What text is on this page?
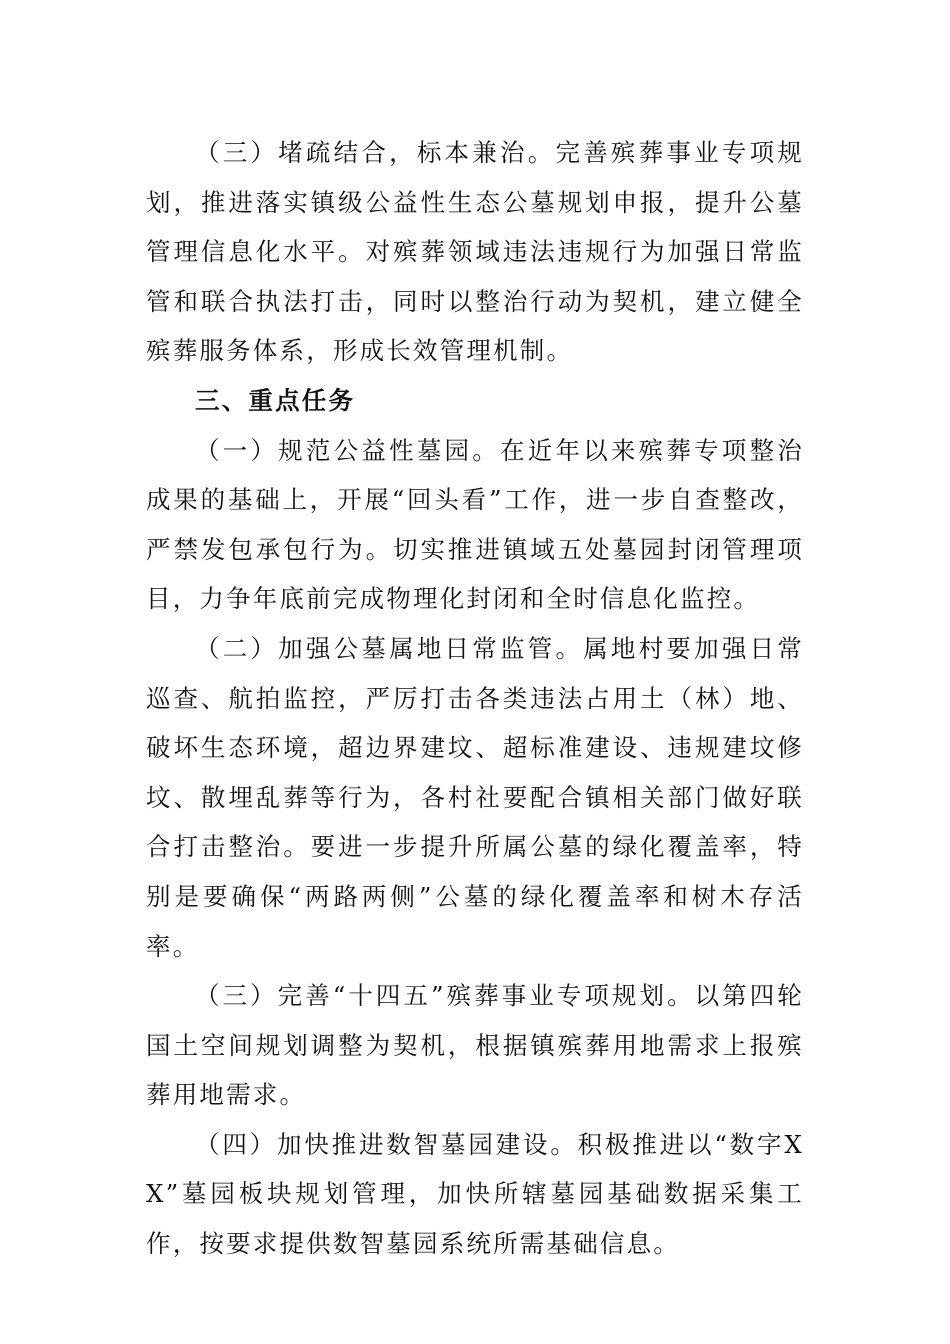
（三）堵疏结合，标本兼治。完善殡葬事业专项规划，推进落实镇级公益性生态公墓规划申报，提升公墓管理信息化水平。对殡葬领域违法违规行为加强日常监管和联合执法打击，同时以整治行动为契机，建立健全殡葬服务体系，形成长效管理机制。

三、重点任务

（一）规范公益性墓园。在近年以来殡葬专项整治成果的基础上，开展“回头看”工作，进一步自查整改，严禁发包承包行为。切实推进镇域五处墓园封闭管理项目，力争年底前完成物理化封闭和全时信息化监控。

（二）加强公墓属地日常监管。属地村要加强日常巡查、航拍监控，严厉打击各类违法占用土（林）地、破坏生态环境，超边界建坟、超标准建设、违规建坟修坟、散埋乱葬等行为，各村社要配合镇相关部门做好联合打击整治。要进一步提升所属公墓的绿化覆盖率，特别是要确保“两路两侧”公墓的绿化覆盖率和树木存活率。

（三）完善“十四五”殡葬事业专项规划。以第四轮国土空间规划调整为契机，根据镇殡葬用地需求上报殡葬用地需求。

（四）加快推进数智墓园建设。积极推进以“数字XX”墓园板块规划管理，加快所辖墓园基础数据采集工作，按要求提供数智墓园系统所需基础信息。
